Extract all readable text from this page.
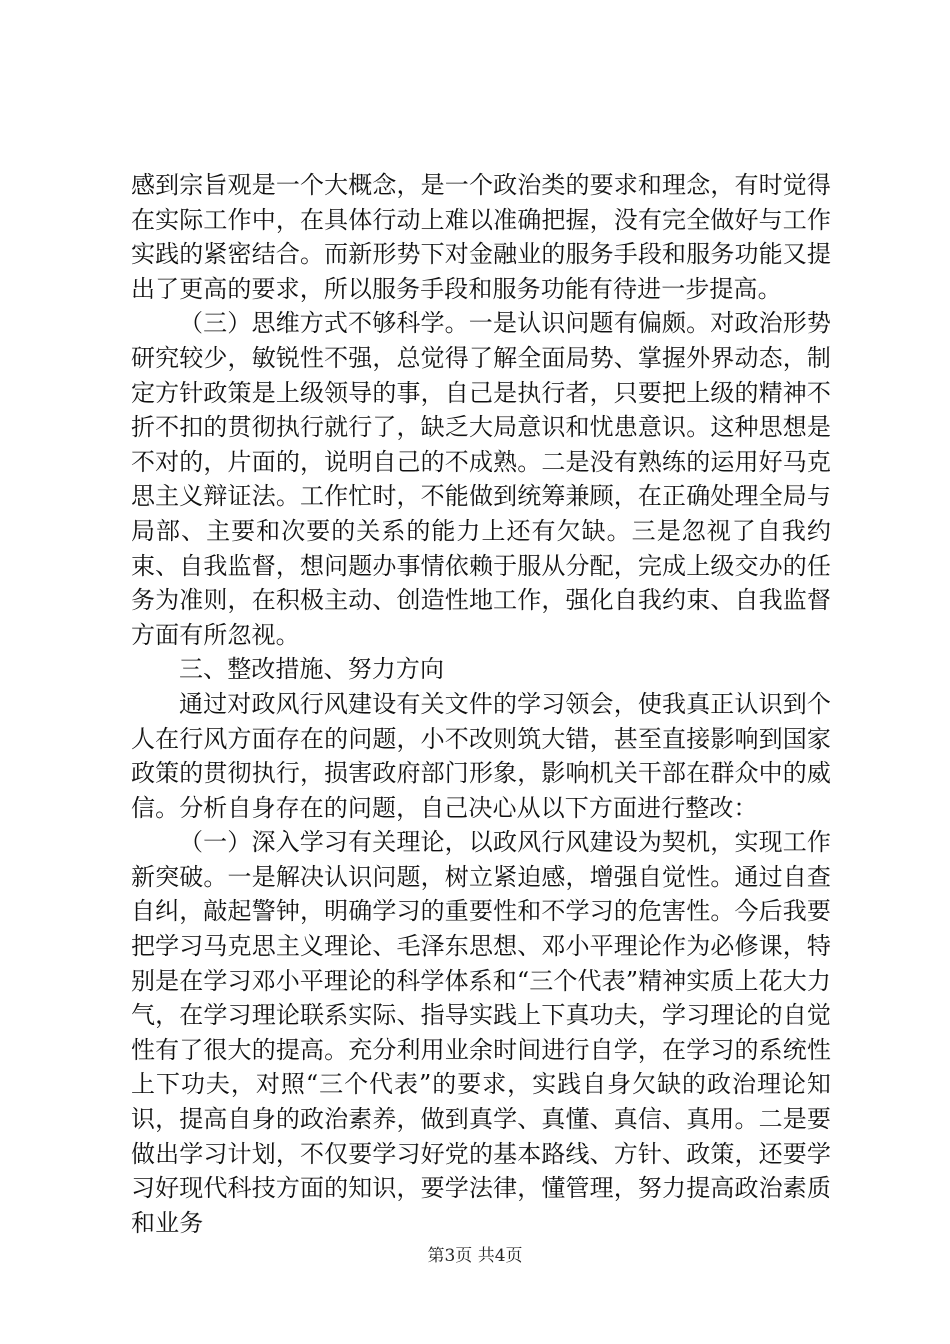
感到宗旨观是一个大概念，是一个政治类的要求和理念，有时觉得在实际工作中，在具体行动上难以准确把握，没有完全做好与工作实践的紧密结合。而新形势下对金融业的服务手段和服务功能又提出了更高的要求，所以服务手段和服务功能有待进一步提高。

（三）思维方式不够科学。一是认识问题有偏颇。对政治形势研究较少，敏锐性不强，总觉得了解全面局势、掌握外界动态，制定方针政策是上级领导的事，自己是执行者，只要把上级的精神不折不扣的贯彻执行就行了，缺乏大局意识和忧患意识。这种思想是不对的，片面的，说明自己的不成熟。二是没有熟练的运用好马克思主义辩证法。工作忙时，不能做到统筹兼顾，在正确处理全局与局部、主要和次要的关系的能力上还有欠缺。三是忽视了自我约束、自我监督，想问题办事情依赖于服从分配，完成上级交办的任务为准则，在积极主动、创造性地工作，强化自我约束、自我监督方面有所忽视。

三、整改措施、努力方向

通过对政风行风建设有关文件的学习领会，使我真正认识到个人在行风方面存在的问题，小不改则筑大错，甚至直接影响到国家政策的贯彻执行，损害政府部门形象，影响机关干部在群众中的威信。分析自身存在的问题，自己决心从以下方面进行整改：

（一）深入学习有关理论，以政风行风建设为契机，实现工作新突破。一是解决认识问题，树立紧迫感，增强自觉性。通过自查自纠，敲起警钟，明确学习的重要性和不学习的危害性。今后我要把学习马克思主义理论、毛泽东思想、邓小平理论作为必修课，特别是在学习邓小平理论的科学体系和“三个代表”精神实质上花大力气，在学习理论联系实际、指导实践上下真功夫，学习理论的自觉性有了很大的提高。充分利用业余时间进行自学，在学习的系统性上下功夫，对照“三个代表”的要求，实践自身欠缺的政治理论知识，提高自身的政治素养，做到真学、真懂、真信、真用。二是要做出学习计划，不仅要学习好党的基本路线、方针、政策，还要学习好现代科技方面的知识，要学法律，懂管理，努力提高政治素质和业务

第3页 共4页
